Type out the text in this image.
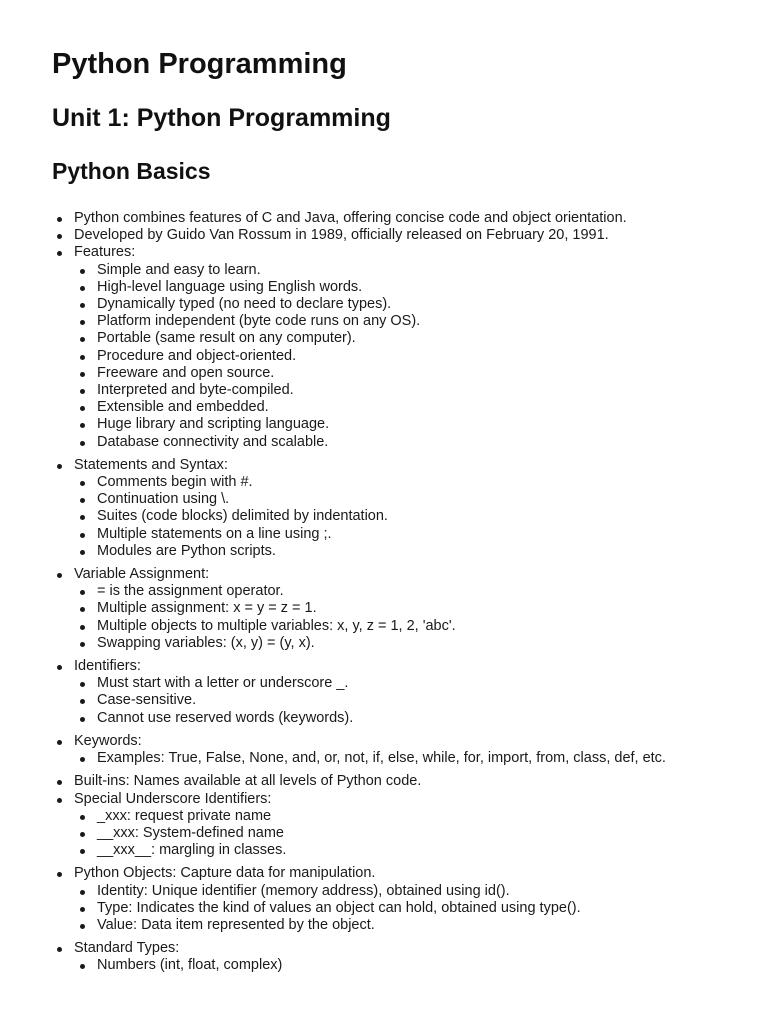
Python Programming
Unit 1: Python Programming
Python Basics
Python combines features of C and Java, offering concise code and object orientation.
Developed by Guido Van Rossum in 1989, officially released on February 20, 1991.
Features:
Simple and easy to learn.
High-level language using English words.
Dynamically typed (no need to declare types).
Platform independent (byte code runs on any OS).
Portable (same result on any computer).
Procedure and object-oriented.
Freeware and open source.
Interpreted and byte-compiled.
Extensible and embedded.
Huge library and scripting language.
Database connectivity and scalable.
Statements and Syntax:
Comments begin with #.
Continuation using \.
Suites (code blocks) delimited by indentation.
Multiple statements on a line using ;.
Modules are Python scripts.
Variable Assignment:
= is the assignment operator.
Multiple assignment: x = y = z = 1.
Multiple objects to multiple variables: x, y, z = 1, 2, 'abc'.
Swapping variables: (x, y) = (y, x).
Identifiers:
Must start with a letter or underscore _.
Case-sensitive.
Cannot use reserved words (keywords).
Keywords:
Examples: True, False, None, and, or, not, if, else, while, for, import, from, class, def, etc.
Built-ins: Names available at all levels of Python code.
Special Underscore Identifiers:
_xxx: request private name
__xxx: System-defined name
__xxx__: margling in classes.
Python Objects: Capture data for manipulation.
Identity: Unique identifier (memory address), obtained using id().
Type: Indicates the kind of values an object can hold, obtained using type().
Value: Data item represented by the object.
Standard Types:
Numbers (int, float, complex)
